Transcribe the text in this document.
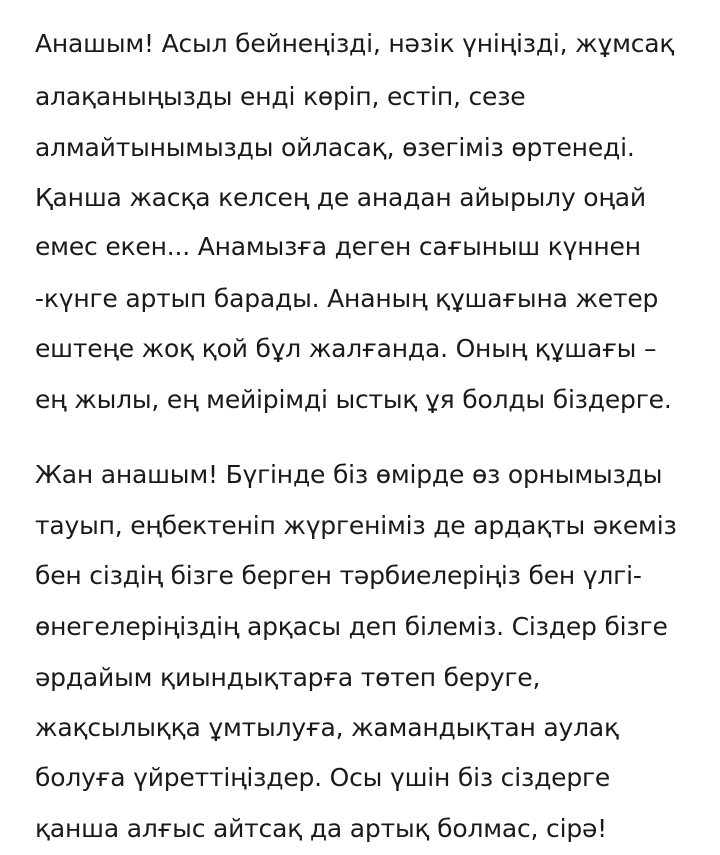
Анашым! Асыл бейнеңізді, нәзік үніңізді, жұмсақ
алақаныңызды енді көріп, естіп, сезе
алмайтынымызды ойласақ, өзегіміз өртенеді.
Қанша жасқа келсең де анадан айырылу оңай
емес екен... Анамызға деген сағыныш күннен
-күнге артып барады. Ананың құшағына жетер
ештеңе жоқ қой бұл жалғанда. Оның құшағы –
ең жылы, ең мейірімді ыстық ұя болды біздерге.
Жан анашым! Бүгінде біз өмірде өз орнымызды
тауып, еңбектеніп жүргеніміз де ардақты әкеміз
бен сіздің бізге берген тәрбиелеріңіз бен үлгі-
өнегелеріңіздің арқасы деп білеміз. Сіздер бізге
әрдайым қиындықтарға төтеп беруге,
жақсылыққа ұмтылуға, жамандықтан аулақ
болуға үйреттіңіздер. Осы үшін біз сіздерге
қанша алғыс айтсақ да артық болмас, сірә!
